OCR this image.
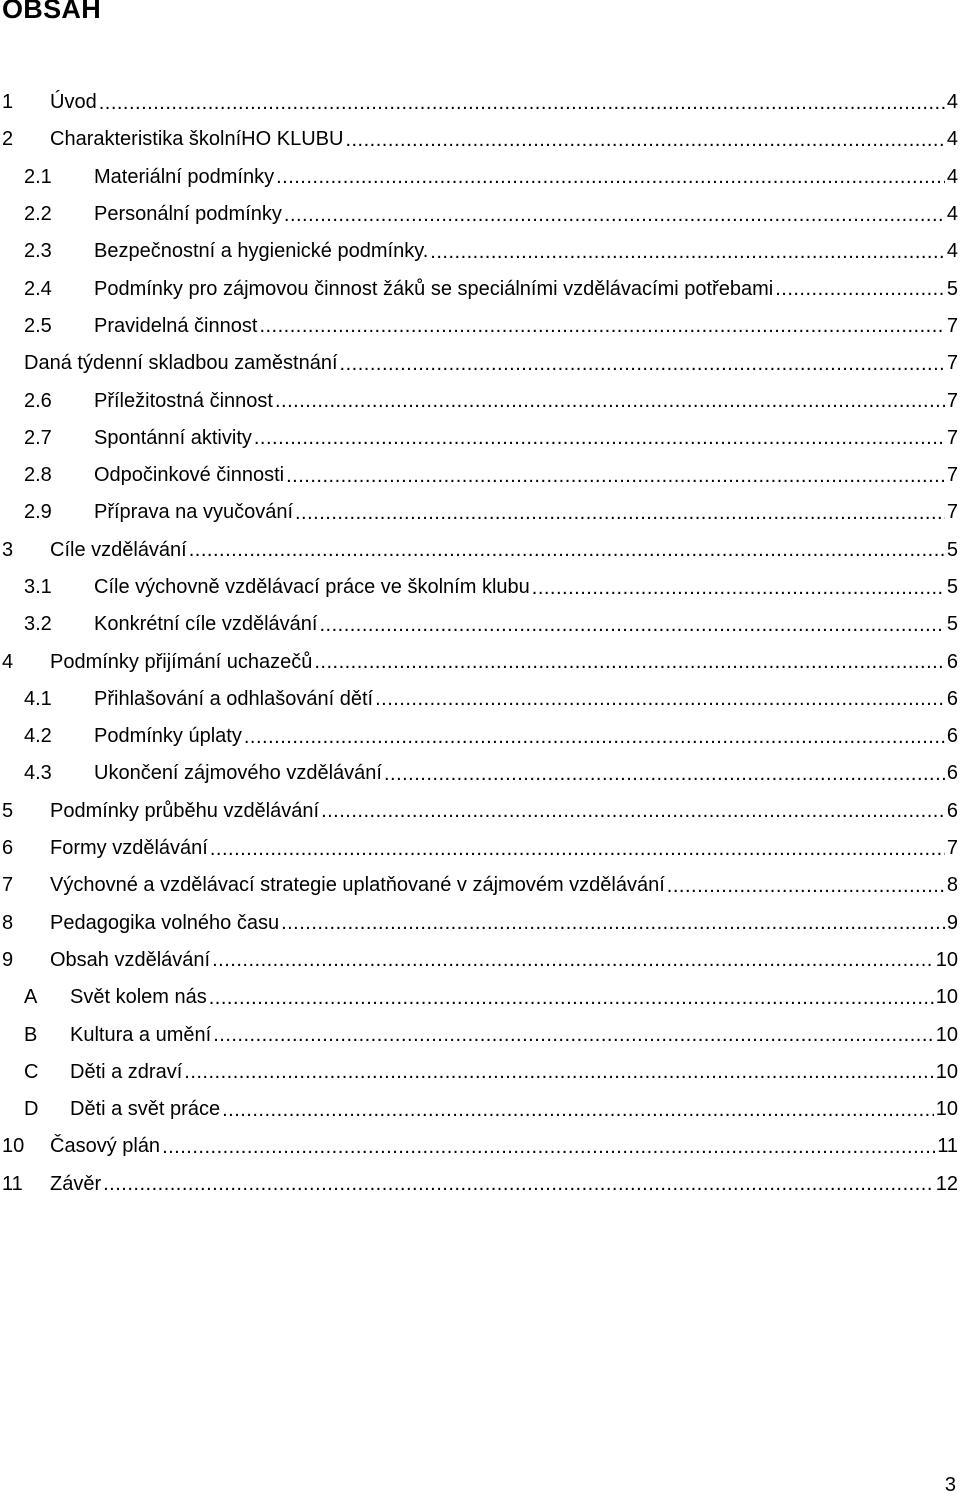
OBSAH
1 Úvod .....	4
2 Charakteristika školníHO KLUBU .....	4
2.1 Materiální podmínky .....	4
2.2 Personální podmínky .....	4
2.3 Bezpečnostní a hygienické podmínky. .....	4
2.4 Podmínky pro zájmovou činnost žáků se speciálními vzdělávacími potřebami .....	5
2.5 Pravidelná činnost .....	7
Daná týdenní skladbou zaměstnání .....	7
2.6 Příležitostná činnost .....	7
2.7 Spontánní aktivity .....	7
2.8 Odpočinkové činnosti .....	7
2.9 Příprava na vyučování .....	7
3 Cíle vzdělávání .....	5
3.1 Cíle výchovně vzdělávací práce ve školním klubu .....	5
3.2 Konkrétní cíle vzdělávání .....	5
4 Podmínky přijímání uchazečů .....	6
4.1 Přihlašování a odhlašování dětí .....	6
4.2 Podmínky úplaty .....	6
4.3 Ukončení zájmového vzdělávání .....	6
5 Podmínky průběhu vzdělávání .....	6
6 Formy vzdělávání .....	7
7 Výchovné a vzdělávací strategie uplatňované v zájmovém vzdělávání .....	8
8 Pedagogika volného času .....	9
9 Obsah vzdělávání .....	10
A Svět kolem nás .....	10
B Kultura a umění .....	10
C Děti a zdraví .....	10
D Děti a svět práce .....	10
10 Časový plán .....	11
11 Závěr .....	12
3
